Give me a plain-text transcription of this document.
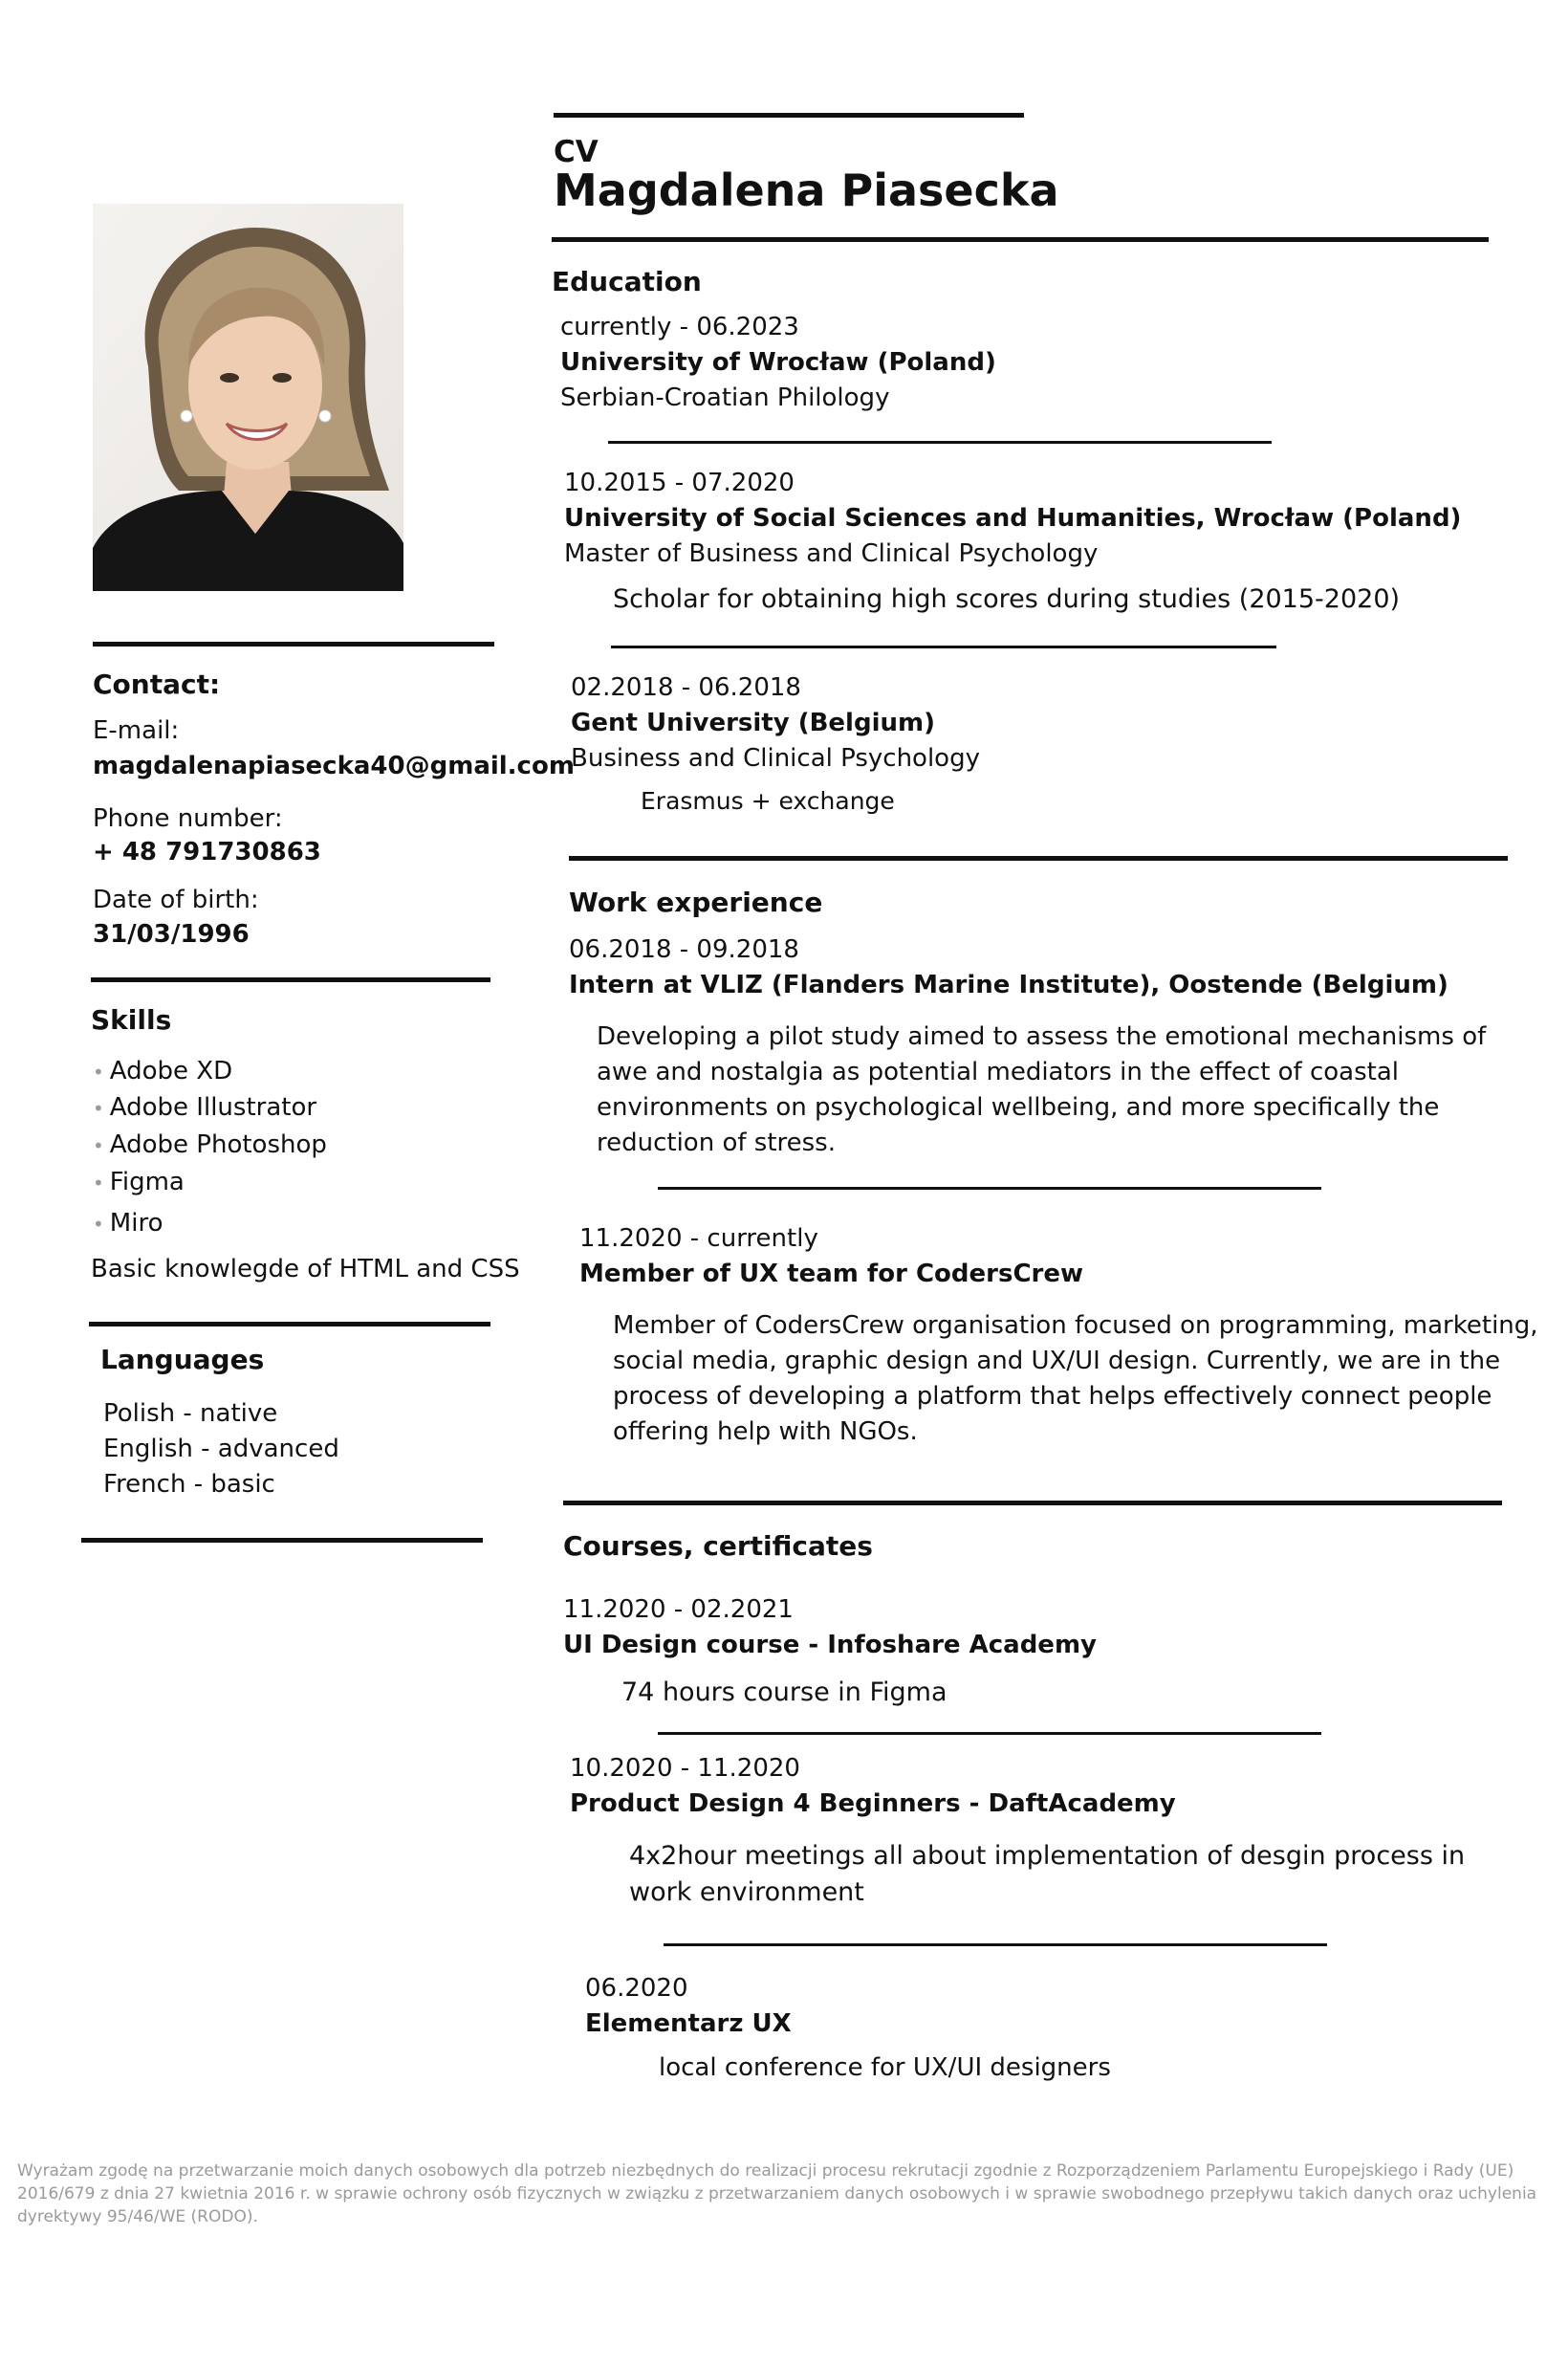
CV
Magdalena Piasecka
Contact:
E-mail:
magdalenapiasecka40@gmail.com
Phone number:
+ 48 791730863
Date of birth:
31/03/1996
Skills
• Adobe XD
• Adobe Illustrator
• Adobe Photoshop
• Figma
• Miro
Basic knowlegde of HTML and CSS
Languages
Polish - native
English - advanced
French - basic
Education
currently - 06.2023
University of Wrocław (Poland)
Serbian-Croatian Philology
10.2015 - 07.2020
University of Social Sciences and Humanities, Wrocław (Poland)
Master of Business and Clinical Psychology
Scholar for obtaining high scores during studies (2015-2020)
02.2018 - 06.2018
Gent University (Belgium)
Business and Clinical Psychology
Erasmus + exchange
Work experience
06.2018 - 09.2018
Intern at VLIZ (Flanders Marine Institute), Oostende (Belgium)
Developing a pilot study aimed to assess the emotional mechanisms of
awe and nostalgia as potential mediators in the effect of coastal
environments on psychological wellbeing, and more specifically the
reduction of stress.
11.2020 - currently
Member of UX team for CodersCrew
Member of CodersCrew organisation focused on programming, marketing,
social media, graphic design and UX/UI design. Currently, we are in the
process of developing a platform that helps effectively connect people
offering help with NGOs.
Courses, certificates
11.2020 - 02.2021
UI Design course - Infoshare Academy
74 hours course in Figma
10.2020 - 11.2020
Product Design 4 Beginners - DaftAcademy
4x2hour meetings all about implementation of desgin process in
work environment
06.2020
Elementarz UX
local conference for UX/UI designers
Wyrażam zgodę na przetwarzanie moich danych osobowych dla potrzeb niezbędnych do realizacji procesu rekrutacji zgodnie z Rozporządzeniem Parlamentu Europejskiego i Rady (UE) 2016/679 z dnia 27 kwietnia 2016 r. w sprawie ochrony osób fizycznych w związku z przetwarzaniem danych osobowych i w sprawie swobodnego przepływu takich danych oraz uchylenia dyrektywy 95/46/WE (RODO).
